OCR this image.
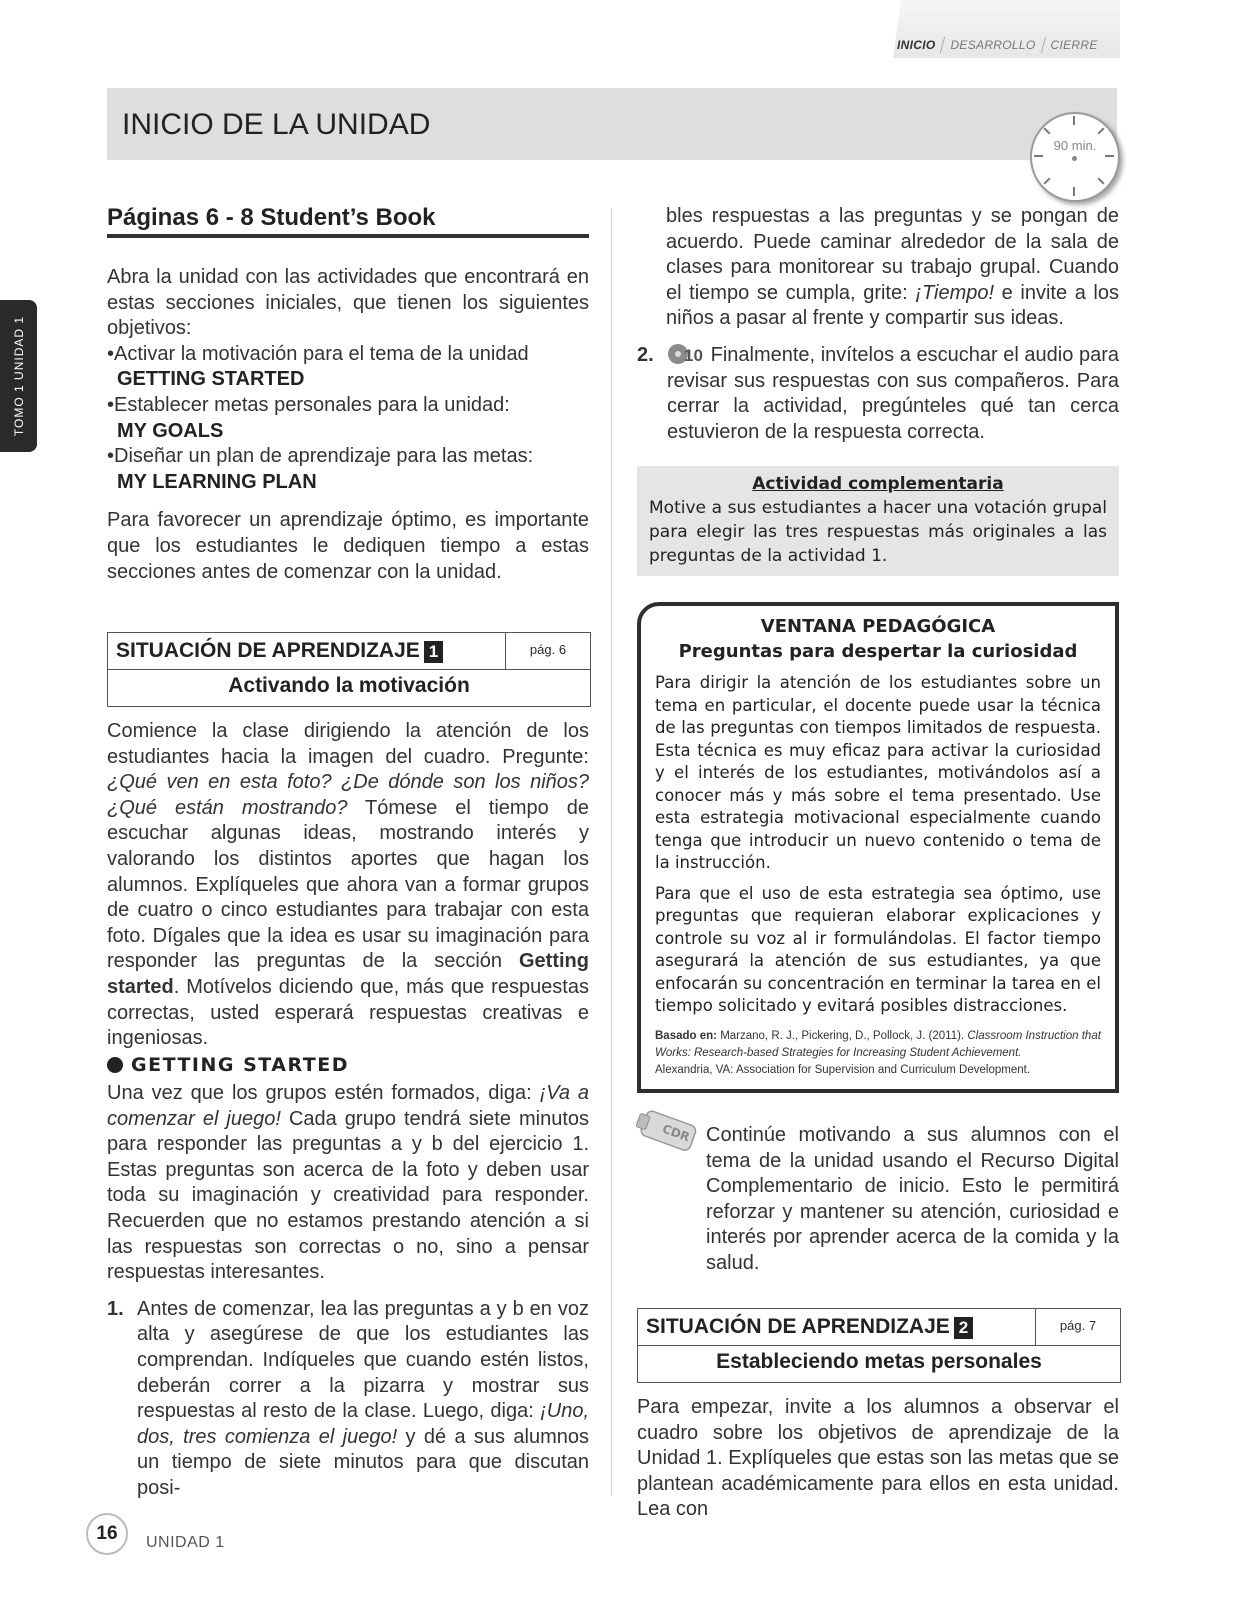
INICIO DESARROLLO CIERRE
INICIO DE LA UNIDAD
90 min.
TOMO 1 UNIDAD 1
Páginas 6 - 8 Student’s Book

Abra la unidad con las actividades que encontrará en estas secciones iniciales, que tienen los siguientes objetivos:

•Activar la motivación para el tema de la unidad
GETTING STARTED
•Establecer metas personales para la unidad:
MY GOALS
•Diseñar un plan de aprendizaje para las metas:
MY LEARNING PLAN

Para favorecer un aprendizaje óptimo, es importante que los estudiantes le dediquen tiempo a estas secciones antes de comenzar con la unidad.

SITUACIÓN DE APRENDIZAJE 1	pág. 6
Activando la motivación

Comience la clase dirigiendo la atención de los estudiantes hacia la imagen del cuadro. Pregunte: ¿Qué ven en esta foto? ¿De dónde son los niños? ¿Qué están mostrando? Tómese el tiempo de escuchar algunas ideas, mostrando interés y valorando los distintos aportes que hagan los alumnos. Explíqueles que ahora van a formar grupos de cuatro o cinco estudiantes para trabajar con esta foto. Dígales que la idea es usar su imaginación para responder las preguntas de la sección Getting started. Motívelos diciendo que, más que respuestas correctas, usted esperará respuestas creativas e ingeniosas.

GETTING STARTED

Una vez que los grupos estén formados, diga: ¡Va a comenzar el juego! Cada grupo tendrá siete minutos para responder las preguntas a y b del ejercicio 1. Estas preguntas son acerca de la foto y deben usar toda su imaginación y creatividad para responder. Recuerden que no estamos prestando atención a si las respuestas son correctas o no, sino a pensar respuestas interesantes.

1. Antes de comenzar, lea las preguntas a y b en voz alta y asegúrese de que los estudiantes las comprendan. Indíqueles que cuando estén listos, deberán correr a la pizarra y mostrar sus respuestas al resto de la clase. Luego, diga: ¡Uno, dos, tres comienza el juego! y dé a sus alumnos un tiempo de siete minutos para que discutan posi-

bles respuestas a las preguntas y se pongan de acuerdo. Puede caminar alrededor de la sala de clases para monitorear su trabajo grupal. Cuando el tiempo se cumpla, grite: ¡Tiempo! e invite a los niños a pasar al frente y compartir sus ideas.

2.	10 Finalmente, invítelos a escuchar el audio para revisar sus respuestas con sus compañeros. Para cerrar la actividad, pregúnteles qué tan cerca estuvieron de la respuesta correcta.
Actividad complementaria
Motive a sus estudiantes a hacer una votación grupal para elegir las tres respuestas más originales a las preguntas de la actividad 1.
VENTANA PEDAGÓGICA
Preguntas para despertar la curiosidad
Para dirigir la atención de los estudiantes sobre un tema en particular, el docente puede usar la técnica de las preguntas con tiempos limitados de respuesta. Esta técnica es muy eficaz para activar la curiosidad y el interés de los estudiantes, motivándolos así a conocer más y más sobre el tema presentado. Use esta estrategia motivacional especialmente cuando tenga que introducir un nuevo contenido o tema de la instrucción.
Para que el uso de esta estrategia sea óptimo, use preguntas que requieran elaborar explicaciones y controle su voz al ir formulándolas. El factor tiempo asegurará la atención de sus estudiantes, ya que enfocarán su concentración en terminar la tarea en el tiempo solicitado y evitará posibles distracciones.
Basado en: Marzano, R. J., Pickering, D., Pollock, J. (2011). Classroom Instruction that Works: Research-based Strategies for Increasing Student Achievement.
Alexandria, VA: Association for Supervision and Curriculum Development.
CDR Continúe motivando a sus alumnos con el tema de la unidad usando el Recurso Digital Complementario de inicio. Esto le permitirá reforzar y mantener su atención, curiosidad e interés por aprender acerca de la comida y la salud.
SITUACIÓN DE APRENDIZAJE 2	pág. 7
Estableciendo metas personales
Para empezar, invite a los alumnos a observar el cuadro sobre los objetivos de aprendizaje de la Unidad 1. Explíqueles que estas son las metas que se plantean académicamente para ellos en esta unidad. Lea con
16	UNIDAD 1
